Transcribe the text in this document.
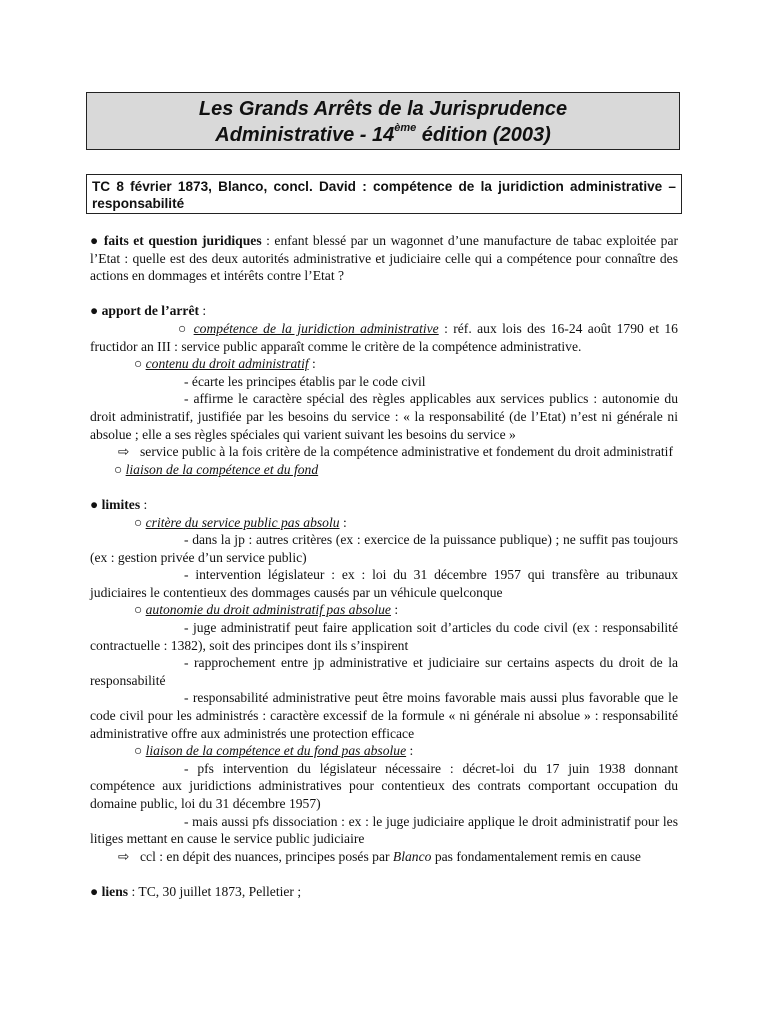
Les Grands Arrêts de la Jurisprudence
Administrative - 14ème édition (2003)
TC 8 février 1873, Blanco, concl. David : compétence de la juridiction administrative – responsabilité

● faits et question juridiques : enfant blessé par un wagonnet d’une manufacture de tabac exploitée par l’Etat : quelle est des deux autorités administrative et judiciaire celle qui a compétence pour connaître des actions en dommages et intérêts contre l’Etat ?

● apport de l’arrêt :

○ compétence de la juridiction administrative : réf. aux lois des 16-24 août 1790 et 16 fructidor an III : service public apparaît comme le critère de la compétence administrative.

○ contenu du droit administratif :

- écarte les principes établis par le code civil

- affirme le caractère spécial des règles applicables aux services publics : autonomie du droit administratif, justifiée par les besoins du service : « la responsabilité (de l’Etat) n’est ni générale ni absolue ; elle a ses règles spéciales qui varient suivant les besoins du service »

⇨ service public à la fois critère de la compétence administrative et fondement du droit administratif

○ liaison de la compétence et du fond

● limites :

○ critère du service public pas absolu :

- dans la jp : autres critères (ex : exercice de la puissance publique) ; ne suffit pas toujours (ex : gestion privée d’un service public)

- intervention législateur : ex : loi du 31 décembre 1957 qui transfère au tribunaux judiciaires le contentieux des dommages causés par un véhicule quelconque

○ autonomie du droit administratif pas absolue :

- juge administratif peut faire application soit d’articles du code civil (ex : responsabilité contractuelle : 1382), soit des principes dont ils s’inspirent

- rapprochement entre jp administrative et judiciaire sur certains aspects du droit de la responsabilité

- responsabilité administrative peut être moins favorable mais aussi plus favorable que le code civil pour les administrés : caractère excessif de la formule « ni générale ni absolue » : responsabilité administrative offre aux administrés une protection efficace

○ liaison de la compétence et du fond pas absolue :

- pfs intervention du législateur nécessaire : décret-loi du 17 juin 1938 donnant compétence aux juridictions administratives pour contentieux des contrats comportant occupation du domaine public, loi du 31 décembre 1957)

- mais aussi pfs dissociation : ex : le juge judiciaire applique le droit administratif pour les litiges mettant en cause le service public judiciaire

⇨ ccl : en dépit des nuances, principes posés par Blanco pas fondamentalement remis en cause

● liens : TC, 30 juillet 1873, Pelletier ;
